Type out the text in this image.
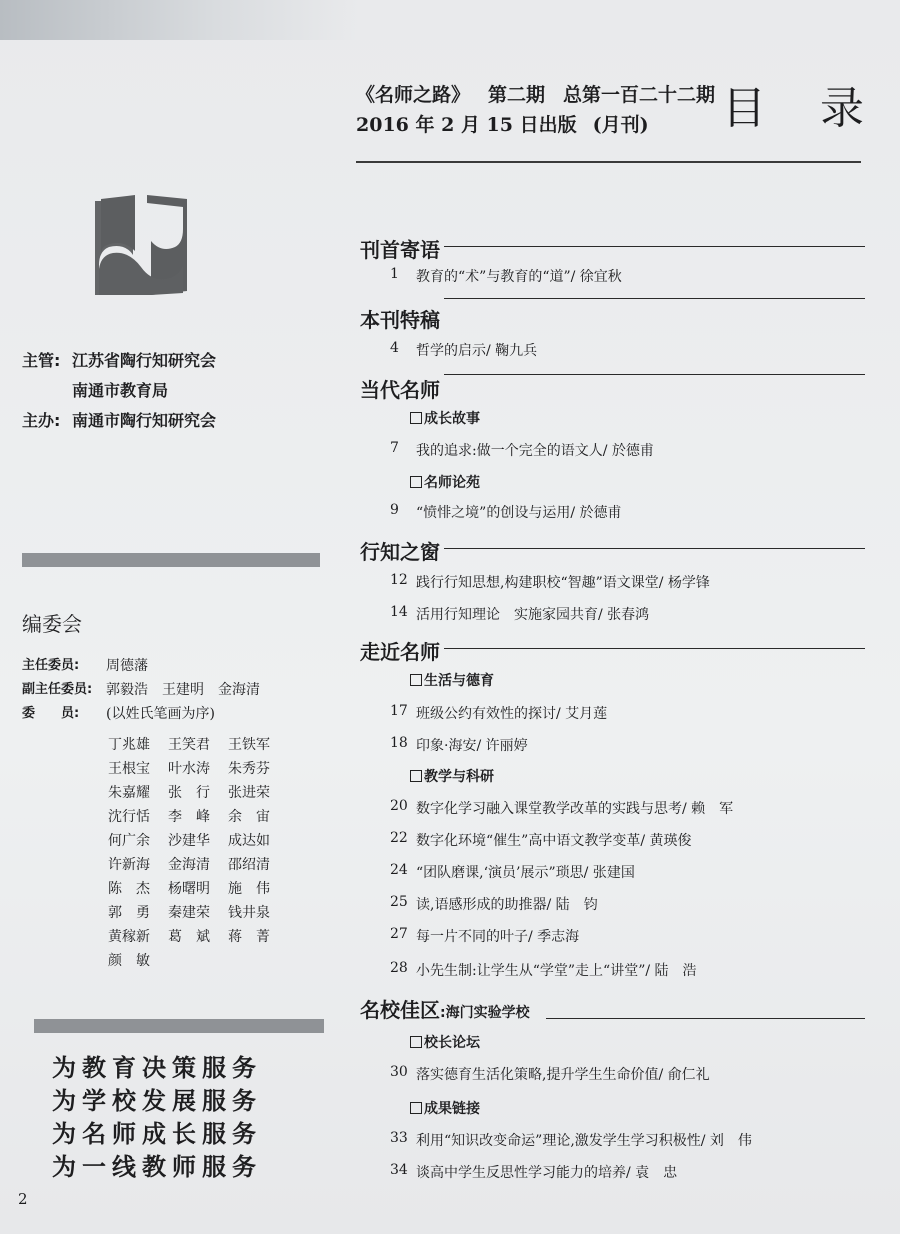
《名师之路》 第二期 总第一百二十二期
2016 年 2 月 15 日出版 (月刊)	目 录
主管: 江苏省陶行知研究会
南通市教育局
主办: 南通市陶行知研究会
编委会
主任委员:	周德藩
副主任委员: 郭毅浩　王建明　金海清
委　　员:	(以姓氏笔画为序)
丁兆雄	王笑君	王铁军
王根宝	叶水涛	朱秀芬
朱嘉耀	张　行	张进荣
沈行恬	李　峰	余　宙
何广余	沙建华	成达如
许新海	金海清	邵绍清
陈　杰	杨曙明	施　伟
郭　勇	秦建荣	钱井泉
黄稼新	葛　斌	蒋　菁
颜　敏
为教育决策服务
为学校发展服务
为名师成长服务
为一线教师服务
2
刊首寄语
1	教育的“术”与教育的“道”/ 徐宜秋
本刊特稿
4	哲学的启示/ 鞠九兵
当代名师
成长故事
7	我的追求:做一个完全的语文人/ 於德甫
名师论苑
9	“愤悱之境”的创设与运用/ 於德甫
行知之窗
12 践行行知思想,构建职校“智趣”语文课堂/ 杨学锋
14 活用行知理论　实施家园共育/ 张春鸿
走近名师
生活与德育
17 班级公约有效性的探讨/ 艾月莲
18 印象·海安/ 许丽婷
教学与科研
20 数字化学习融入课堂教学改革的实践与思考/ 赖　军
22 数字化环境“催生”高中语文教学变革/ 黄瑛俊
24 “团队磨课,‘演员’展示”琐思/ 张建国
25 读,语感形成的助推器/ 陆　钧
27 每一片不同的叶子/ 季志海
28 小先生制:让学生从“学堂”走上“讲堂”/ 陆　浩
名校佳区:海门实验学校
校长论坛
30 落实德育生活化策略,提升学生生命价值/ 俞仁礼
成果链接
33 利用“知识改变命运”理论,激发学生学习积极性/ 刘　伟
34 谈高中学生反思性学习能力的培养/ 袁　忠
